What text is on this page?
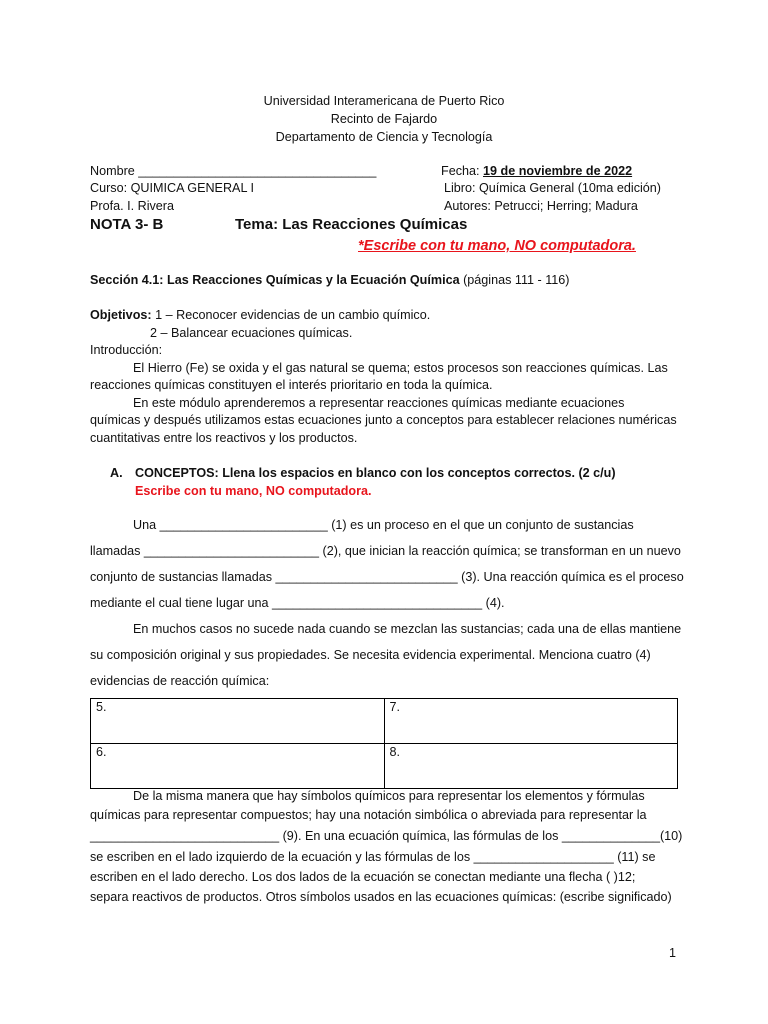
Universidad Interamericana de Puerto Rico
Recinto de Fajardo
Departamento de Ciencia y Tecnología
Nombre __________________________________	Fecha: 19 de noviembre de 2022
Curso: QUIMICA GENERAL I	Libro: Química General (10ma edición)
Profa. I. Rivera	Autores: Petrucci; Herring; Madura
NOTA 3- B	Tema: Las Reacciones Químicas
*Escribe con tu mano, NO computadora.
Sección 4.1: Las Reacciones Químicas y la Ecuación Química (páginas 111 - 116)
Objetivos: 1 – Reconocer evidencias de un cambio químico.
2 – Balancear ecuaciones químicas.
Introducción:
El Hierro (Fe) se oxida y el gas natural se quema; estos procesos son reacciones químicas. Las
reacciones químicas constituyen el interés prioritario en toda la química.
En este módulo aprenderemos a representar reacciones químicas mediante ecuaciones
químicas y después utilizamos estas ecuaciones junto a conceptos para establecer relaciones numéricas
cuantitativas entre los reactivos y los productos.
A. CONCEPTOS: Llena los espacios en blanco con los conceptos correctos. (2 c/u)
Escribe con tu mano, NO computadora.
Una ________________________ (1) es un proceso en el que un conjunto de sustancias
llamadas _________________________ (2), que inician la reacción química; se transforman en un nuevo
conjunto de sustancias llamadas __________________________ (3). Una reacción química es el proceso
mediante el cual tiene lugar una ______________________________ (4).
En muchos casos no sucede nada cuando se mezclan las sustancias; cada una de ellas mantiene
su composición original y sus propiedades. Se necesita evidencia experimental. Menciona cuatro (4)
evidencias de reacción química:
5.	7.
6.	8.
De la misma manera que hay símbolos químicos para representar los elementos y fórmulas
químicas para representar compuestos; hay una notación simbólica o abreviada para representar la
___________________________ (9). En una ecuación química, las fórmulas de los ______________(10)
se escriben en el lado izquierdo de la ecuación y las fórmulas de los ____________________ (11) se
escriben en el lado derecho. Los dos lados de la ecuación se conectan mediante una flecha ( )12;
separa reactivos de productos. Otros símbolos usados en las ecuaciones químicas: (escribe significado)
1
